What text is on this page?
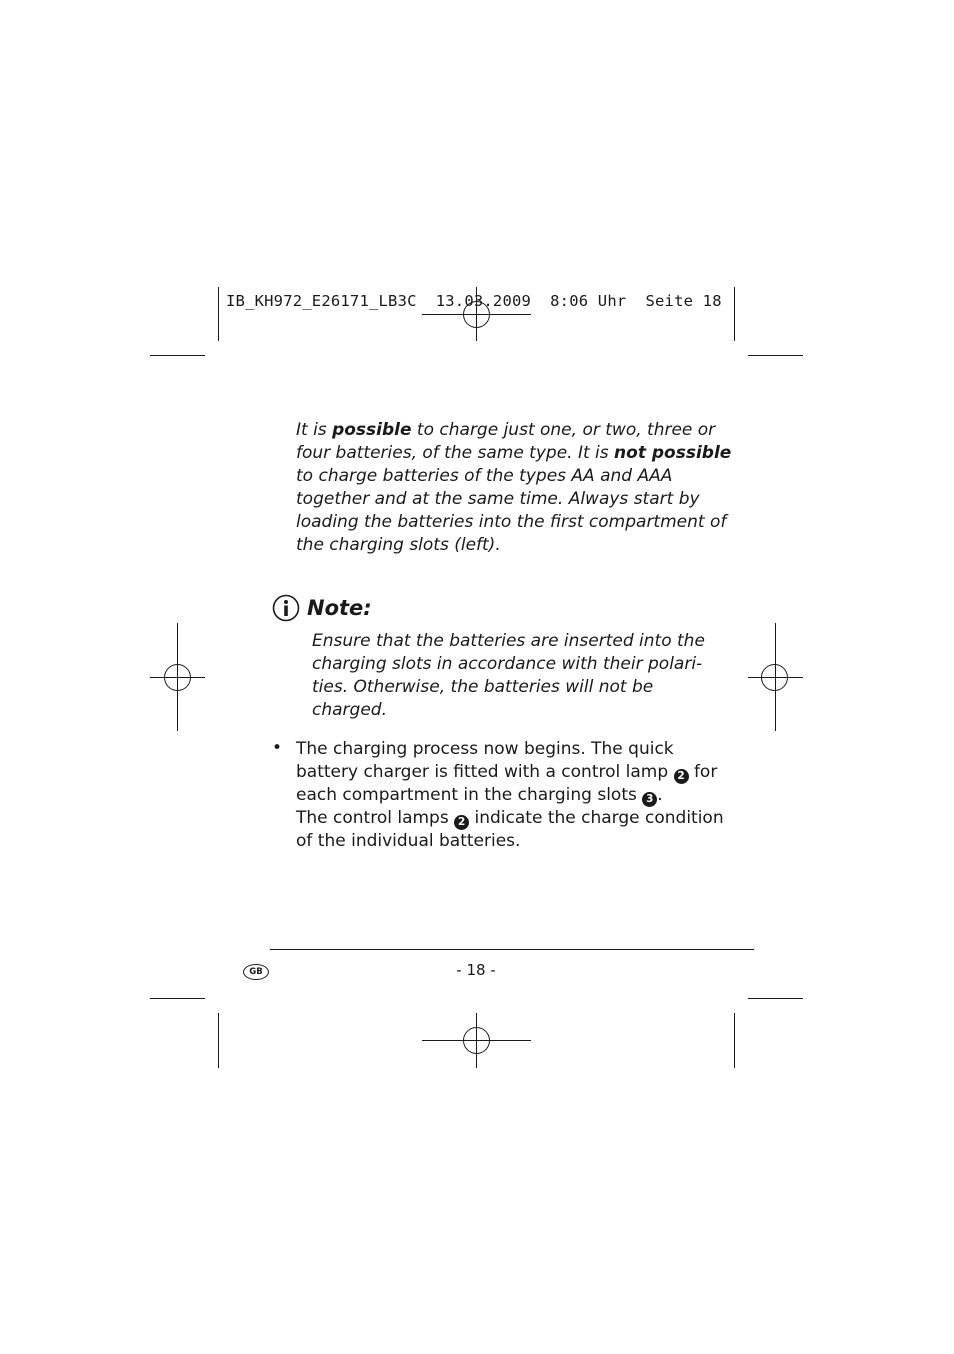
IB_KH972_E26171_LB3C 13.03.2009 8:06 Uhr Seite 18
It is possible to charge just one, or two, three or
four batteries, of the same type. It is not possible
to charge batteries of the types AA and AAA
together and at the same time. Always start by
loading the batteries into the first compartment of
the charging slots (left).
Note:
Ensure that the batteries are inserted into the
charging slots in accordance with their polari-
ties. Otherwise, the batteries will not be
charged.
• The charging process now begins. The quick
battery charger is fitted with a control lamp 2 for
each compartment in the charging slots 3 .
The control lamps 2 indicate the charge condition
of the individual batteries.
GB	- 18 -
